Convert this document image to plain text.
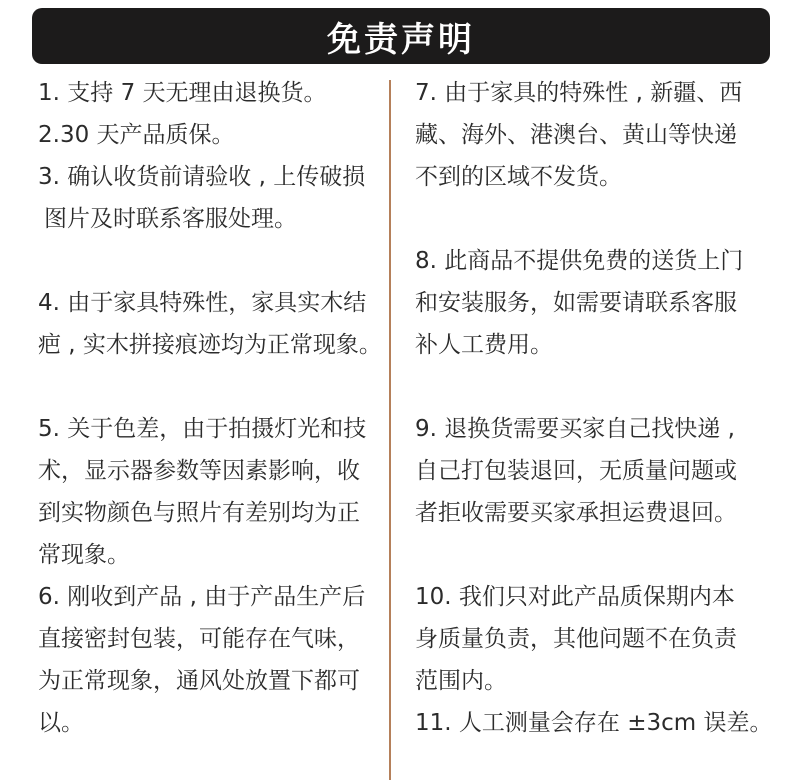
免责声明
1. 支持 7 天无理由退换货。
2.30 天产品质保。
3. 确认收货前请验收 , 上传破损
图片及时联系客服处理。
4. 由于家具特殊性，家具实木结
疤 , 实木拼接痕迹均为正常现象。
5. 关于色差，由于拍摄灯光和技
术，显示器参数等因素影响，收
到实物颜色与照片有差别均为正
常现象。
6. 刚收到产品 , 由于产品生产后
直接密封包装，可能存在气味，
为正常现象，通风处放置下都可
以。
7. 由于家具的特殊性 , 新疆、西
藏、海外、港澳台、黄山等快递
不到的区域不发货。
8. 此商品不提供免费的送货上门
和安装服务，如需要请联系客服
补人工费用。
9. 退换货需要买家自己找快递 ,
自己打包装退回，无质量问题或
者拒收需要买家承担运费退回。
10. 我们只对此产品质保期内本
身质量负责，其他问题不在负责
范围内。
11. 人工测量会存在 ±3cm 误差。
